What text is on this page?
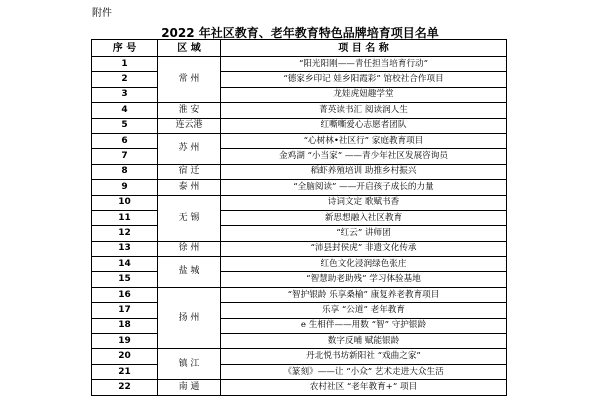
附件
2022 年社区教育、老年教育特色品牌培育项目名单
序 号	区 域	项 目 名 称
1	常 州	“阳光阳刚——青任担当培育行动”
2		“德家乡印记 娃乡阳霞彩” 馆校社合作项目
3		龙娃虎妞趣学堂
4	淮 安	菁英读书汇 阅读润人生
5	连云港	红嘶嘶爱心志愿者团队
6	苏 州	“心树林•社区行” 家庭教育项目
7		金鸡湖 “小当家” ——青少年社区发展咨询员
8	宿 迁	稻虾养殖培训 助推乡村振兴
9	泰 州	“全脑阅读” ——开启孩子成长的力量
10	无 锡	诗词文定 歌赋书香
11		新思想融入社区教育
12		“红云” 讲师团
13	徐 州	“沛县封侯虎” 非遗文化传承
14	盐 城	红色文化浸润绿色张庄
15		“智慧助老助残” 学习体验基地
16	扬 州	“智护银龄 乐享桑榆” 康复养老教育项目
17		乐享 “公道” 老年教育
18		e 生相伴——用数 “智” 守护银龄
19		数字反哺 赋能银龄
20	镇 江	丹北悦书坊新阳社 “戏曲之家”
21		《篆刻》——让 “小众” 艺术走进大众生活
22	南 通	农村社区 “老年教育+” 项目
